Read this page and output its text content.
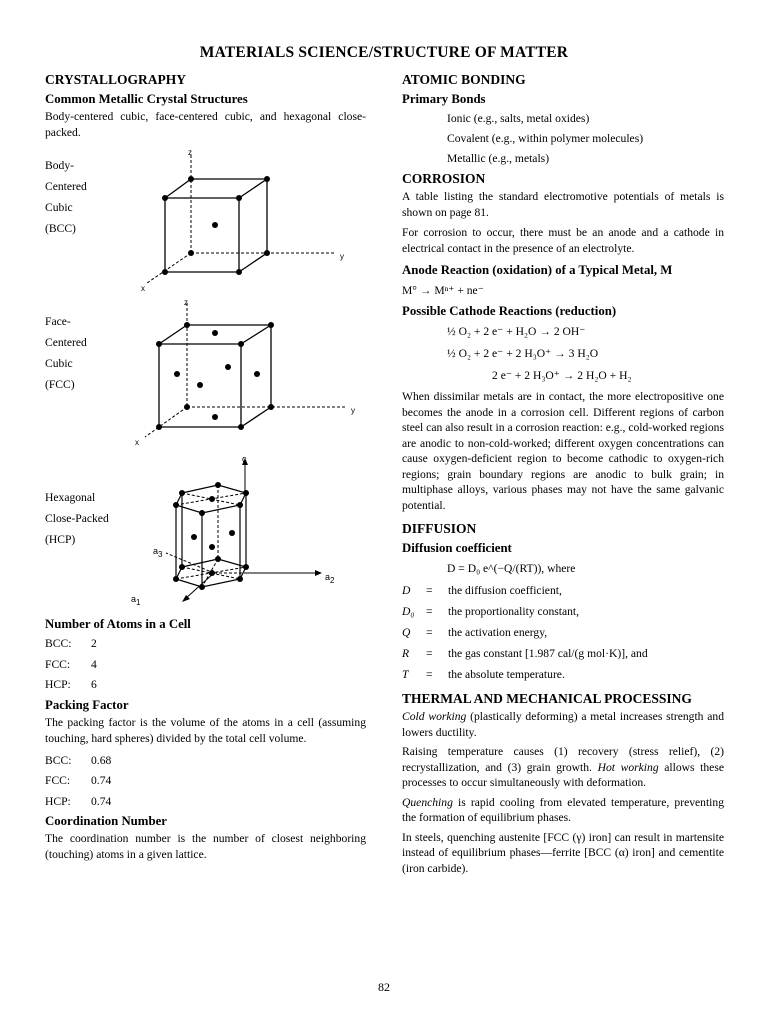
MATERIALS SCIENCE/STRUCTURE OF MATTER
CRYSTALLOGRAPHY
Common Metallic Crystal Structures

Body-centered cubic, face-centered cubic, and hexagonal close-packed.

Body-
Centered
Cubic
(BCC)
z
y
x
Face-
Centered
Cubic
(FCC)
z
y
x
Hexagonal
Close-Packed
(HCP)
c
$a_3$
$a_2$
$a_1$
Number of Atoms in a Cell
BCC:	2
FCC:	4
HCP:	6
Packing Factor

The packing factor is the volume of the atoms in a cell (assuming touching, hard spheres) divided by the total cell volume.

BCC:	0.68
FCC:	0.74
HCP:	0.74
Coordination Number

The coordination number is the number of closest neighboring (touching) atoms in a given lattice.

ATOMIC BONDING
Primary Bonds
Ionic (e.g., salts, metal oxides)
Covalent (e.g., within polymer molecules)
Metallic (e.g., metals)
CORROSION

A table listing the standard electromotive potentials of metals is shown on page 81.

For corrosion to occur, there must be an anode and a cathode in electrical contact in the presence of an electrolyte.

Anode Reaction (oxidation) of a Typical Metal, M
M° → Mⁿ⁺ + ne⁻
Possible Cathode Reactions (reduction)
½ O₂ + 2 e⁻ + H₂O → 2 OH⁻
½ O₂ + 2 e⁻ + 2 H₃O⁺ → 3 H₂O
2 e⁻ + 2 H₃O⁺ → 2 H₂O + H₂

When dissimilar metals are in contact, the more electropositive one becomes the anode in a corrosion cell. Different regions of carbon steel can also result in a corrosion reaction: e.g., cold-worked regions are anodic to non-cold-worked; different oxygen concentrations can cause oxygen-deficient region to become cathodic to oxygen-rich regions; grain boundary regions are anodic to bulk grain; in multiphase alloys, various phases may not have the same galvanic potential.

DIFFUSION
Diffusion coefficient
D = D₀ e^(−Q/(RT)), where
D	=	the diffusion coefficient,
D₀ =	the proportionality constant,
Q	=	the activation energy,
R	=	the gas constant [1.987 cal/(g mol·K)], and
T	=	the absolute temperature.
THERMAL AND MECHANICAL PROCESSING

Cold working (plastically deforming) a metal increases strength and lowers ductility.

Raising temperature causes (1) recovery (stress relief), (2) recrystallization, and (3) grain growth. Hot working allows these processes to occur simultaneously with deformation.

Quenching is rapid cooling from elevated temperature, preventing the formation of equilibrium phases.

In steels, quenching austenite [FCC (γ) iron] can result in martensite instead of equilibrium phases—ferrite [BCC (α) iron] and cementite (iron carbide).

82
